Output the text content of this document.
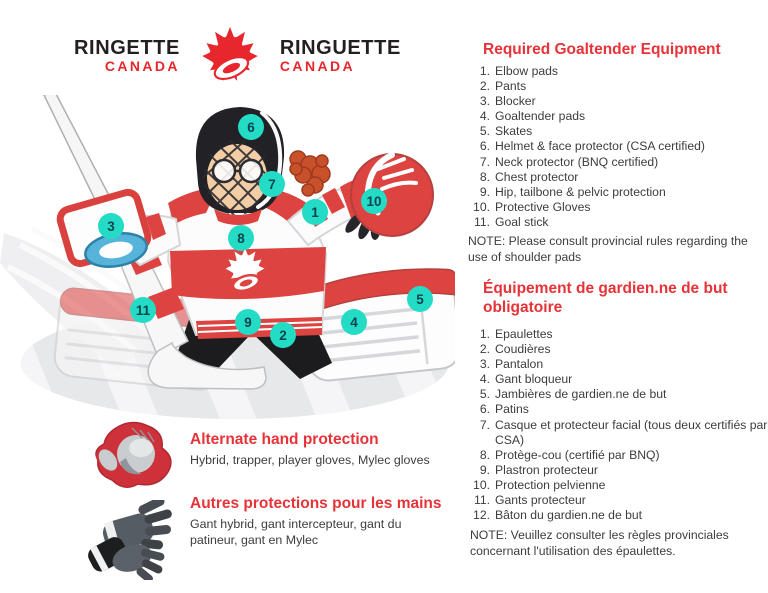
RINGETTE
CANADA
RINGUETTE
CANADA
1
2
3
4
5
6
7
8
9
10
11
Required Goaltender Equipment
1. Elbow pads
2. Pants
3. Blocker
4. Goaltender pads
5. Skates
6. Helmet & face protector (CSA certified)
7. Neck protector (BNQ certified)
8. Chest protector
9. Hip, tailbone & pelvic protection
10. Protective Gloves
11. Goal stick
NOTE: Please consult provincial rules regarding the use of shoulder pads
Équipement de gardien.ne de but obligatoire
1. Epaulettes
2. Coudières
3. Pantalon
4. Gant bloqueur
5. Jambières de gardien.ne de but
6. Patins
7. Casque et protecteur facial (tous deux certifiés par CSA)
8. Protège-cou (certifié par BNQ)
9. Plastron protecteur
10. Protection pelvienne
11. Gants protecteur
12. Bâton du gardien.ne de but
NOTE: Veuillez consulter les règles provinciales concernant l'utilisation des épaulettes.
Alternate hand protection
Hybrid, trapper, player gloves, Mylec gloves
Autres protections pour les mains
Gant hybrid, gant intercepteur, gant du patineur, gant en Mylec
